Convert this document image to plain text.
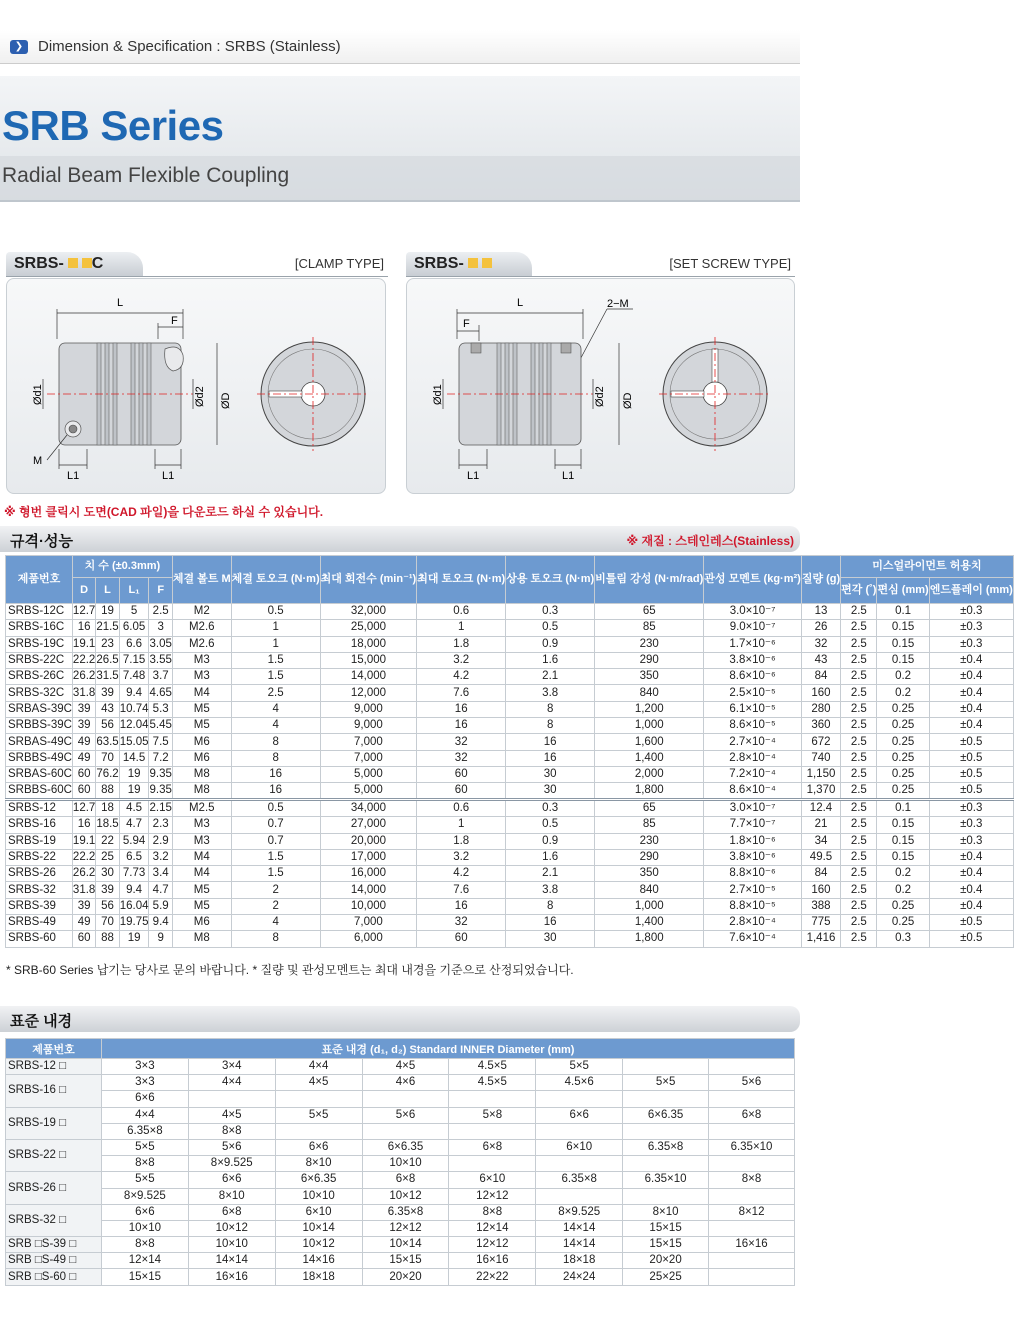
❯ Dimension & Specification : SRBS (Stainless)
SRB Series
Radial Beam Flexible Coupling
SRBS- C	[CLAMP TYPE]
L
F
Ød1	Ød2 ØD
M
L1	L1
SRBS-	[SET SCREW TYPE]
L
F
2−M
Ød1	Ød2 ØD
L1	L1
※ 형번 클릭시 도면(CAD 파일)을 다운로드 하실 수 있습니다.
규격·성능	※ 재질 : 스테인레스(Stainless)
제품번호	치 수 (±0.3mm)				체결 볼트 M	체결 토오크 (N·m)	최대 회전수 (min⁻¹)	최대 토오크 (N·m)	상용 토오크 (N·m)	비틀림 강성 (N·m/rad)	관성 모멘트 (kg·m²)	질량 (g)	미스얼라이먼트 허용치		
	D	L	L₁	F									편각 (˚)	편심 (mm)	엔드플레이 (mm)
SRBS-12C	12.7	19	5	2.5	M2	0.5	32,000	0.6	0.3	65	3.0×10⁻⁷	13	2.5	0.1	±0.3
SRBS-16C	16	21.5	6.05	3	M2.6	1	25,000	1	0.5	85	9.0×10⁻⁷	26	2.5	0.15	±0.3
SRBS-19C	19.1	23	6.6	3.05	M2.6	1	18,000	1.8	0.9	230	1.7×10⁻⁶	32	2.5	0.15	±0.3
SRBS-22C	22.2	26.5	7.15	3.55	M3	1.5	15,000	3.2	1.6	290	3.8×10⁻⁶	43	2.5	0.15	±0.4
SRBS-26C	26.2	31.5	7.48	3.7	M3	1.5	14,000	4.2	2.1	350	8.6×10⁻⁶	84	2.5	0.2	±0.4
SRBS-32C	31.8	39	9.4	4.65	M4	2.5	12,000	7.6	3.8	840	2.5×10⁻⁵	160	2.5	0.2	±0.4
SRBAS-39C	39	43	10.74	5.3	M5	4	9,000	16	8	1,200	6.1×10⁻⁵	280	2.5	0.25	±0.4
SRBBS-39C	39	56	12.04	5.45	M5	4	9,000	16	8	1,000	8.6×10⁻⁵	360	2.5	0.25	±0.4
SRBAS-49C	49	63.5	15.05	7.5	M6	8	7,000	32	16	1,600	2.7×10⁻⁴	672	2.5	0.25	±0.5
SRBBS-49C	49	70	14.5	7.2	M6	8	7,000	32	16	1,400	2.8×10⁻⁴	740	2.5	0.25	±0.5
SRBAS-60C	60	76.2	19	9.35	M8	16	5,000	60	30	2,000	7.2×10⁻⁴	1,150	2.5	0.25	±0.5
SRBBS-60C	60	88	19	9.35	M8	16	5,000	60	30	1,800	8.6×10⁻⁴	1,370	2.5	0.25	±0.5
SRBS-12	12.7	18	4.5	2.15	M2.5	0.5	34,000	0.6	0.3	65	3.0×10⁻⁷	12.4	2.5	0.1	±0.3
SRBS-16	16	18.5	4.7	2.3	M3	0.7	27,000	1	0.5	85	7.7×10⁻⁷	21	2.5	0.15	±0.3
SRBS-19	19.1	22	5.94	2.9	M3	0.7	20,000	1.8	0.9	230	1.8×10⁻⁶	34	2.5	0.15	±0.3
SRBS-22	22.2	25	6.5	3.2	M4	1.5	17,000	3.2	1.6	290	3.8×10⁻⁶	49.5	2.5	0.15	±0.4
SRBS-26	26.2	30	7.73	3.4	M4	1.5	16,000	4.2	2.1	350	8.8×10⁻⁶	84	2.5	0.2	±0.4
SRBS-32	31.8	39	9.4	4.7	M5	2	14,000	7.6	3.8	840	2.7×10⁻⁵	160	2.5	0.2	±0.4
SRBS-39	39	56	16.04	5.9	M5	2	10,000	16	8	1,000	8.8×10⁻⁵	388	2.5	0.25	±0.4
SRBS-49	49	70	19.75	9.4	M6	4	7,000	32	16	1,400	2.8×10⁻⁴	775	2.5	0.25	±0.5
SRBS-60	60	88	19	9	M8	8	6,000	60	30	1,800	7.6×10⁻⁴	1,416	2.5	0.3	±0.5
* SRB-60 Series 납기는 당사로 문의 바랍니다. * 질량 및 관성모멘트는 최대 내경을 기준으로 산정되었습니다.
표준 내경
제품번호	표준 내경 (d₁, d₂) Standard INNER Diameter (mm)							
SRBS-12 □	3×3	3×4	4×4	4×5	4.5×5	5×5		
SRBS-16 □	3×3	4×4	4×5	4×6	4.5×5	4.5×6	5×5	5×6
	6×6							
SRBS-19 □	4×4	4×5	5×5	5×6	5×8	6×6	6×6.35	6×8
	6.35×8	8×8						
SRBS-22 □	5×5	5×6	6×6	6×6.35	6×8	6×10	6.35×8	6.35×10
	8×8	8×9.525	8×10	10×10				
SRBS-26 □	5×5	6×6	6×6.35	6×8	6×10	6.35×8	6.35×10	8×8
	8×9.525	8×10	10×10	10×12	12×12			
SRBS-32 □	6×6	6×8	6×10	6.35×8	8×8	8×9.525	8×10	8×12
	10×10	10×12	10×14	12×12	12×14	14×14	15×15	
SRB □S-39 □	8×8	10×10	10×12	10×14	12×12	14×14	15×15	16×16
SRB □S-49 □	12×14	14×14	14×16	15×15	16×16	18×18	20×20	
SRB □S-60 □	15×15	16×16	18×18	20×20	22×22	24×24	25×25	
